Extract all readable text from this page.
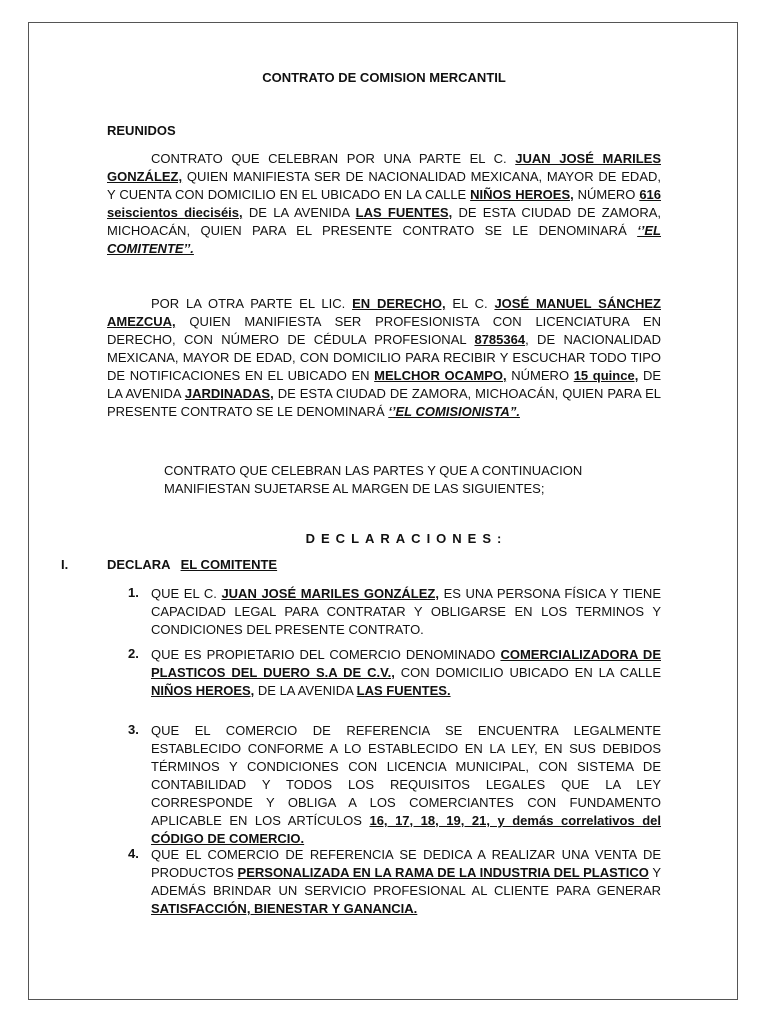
CONTRATO DE COMISION MERCANTIL
REUNIDOS
CONTRATO QUE CELEBRAN POR UNA PARTE EL C. JUAN JOSÉ MARILES GONZÁLEZ, QUIEN MANIFIESTA SER DE NACIONALIDAD MEXICANA, MAYOR DE EDAD, Y CUENTA CON DOMICILIO EN EL UBICADO EN LA CALLE NIÑOS HEROES, NÚMERO 616 seiscientos dieciséis, DE LA AVENIDA LAS FUENTES, DE ESTA CIUDAD DE ZAMORA, MICHOACÁN, QUIEN PARA EL PRESENTE CONTRATO SE LE DENOMINARÁ ‘’EL COMITENTE’’.
POR LA OTRA PARTE EL LIC. EN DERECHO, EL C. JOSÉ MANUEL SÁNCHEZ AMEZCUA, QUIEN MANIFIESTA SER PROFESIONISTA CON LICENCIATURA EN DERECHO, CON NÚMERO DE CÉDULA PROFESIONAL 8785364, DE NACIONALIDAD MEXICANA, MAYOR DE EDAD, CON DOMICILIO PARA RECIBIR Y ESCUCHAR TODO TIPO DE NOTIFICACIONES EN EL UBICADO EN MELCHOR OCAMPO, NÚMERO 15 quince, DE LA AVENIDA JARDINADAS, DE ESTA CIUDAD DE ZAMORA, MICHOACÁN, QUIEN PARA EL PRESENTE CONTRATO SE LE DENOMINARÁ ‘’EL COMISIONISTA”.
CONTRATO QUE CELEBRAN LAS PARTES Y QUE A CONTINUACION MANIFIESTAN SUJETARSE AL MARGEN DE LAS SIGUIENTES;
DECLARACIONES:
I.	DECLARA EL COMITENTE
1. QUE EL C. JUAN JOSÉ MARILES GONZÁLEZ, ES UNA PERSONA FÍSICA Y TIENE CAPACIDAD LEGAL PARA CONTRATAR Y OBLIGARSE EN LOS TERMINOS Y CONDICIONES DEL PRESENTE CONTRATO.
2. QUE ES PROPIETARIO DEL COMERCIO DENOMINADO COMERCIALIZADORA DE PLASTICOS DEL DUERO S.A DE C.V., CON DOMICILIO UBICADO EN LA CALLE NIÑOS HEROES, DE LA AVENIDA LAS FUENTES.
3. QUE EL COMERCIO DE REFERENCIA SE ENCUENTRA LEGALMENTE ESTABLECIDO CONFORME A LO ESTABLECIDO EN LA LEY, EN SUS DEBIDOS TÉRMINOS Y CONDICIONES CON LICENCIA MUNICIPAL, CON SISTEMA DE CONTABILIDAD Y TODOS LOS REQUISITOS LEGALES QUE LA LEY CORRESPONDE Y OBLIGA A LOS COMERCIANTES CON FUNDAMENTO APLICABLE EN LOS ARTÍCULOS 16, 17, 18, 19, 21, y demás correlativos del CÓDIGO DE COMERCIO.
4. QUE EL COMERCIO DE REFERENCIA SE DEDICA A REALIZAR UNA VENTA DE PRODUCTOS PERSONALIZADA EN LA RAMA DE LA INDUSTRIA DEL PLASTICO Y ADEMÁS BRINDAR UN SERVICIO PROFESIONAL AL CLIENTE PARA GENERAR SATISFACCIÓN, BIENESTAR Y GANANCIA.
